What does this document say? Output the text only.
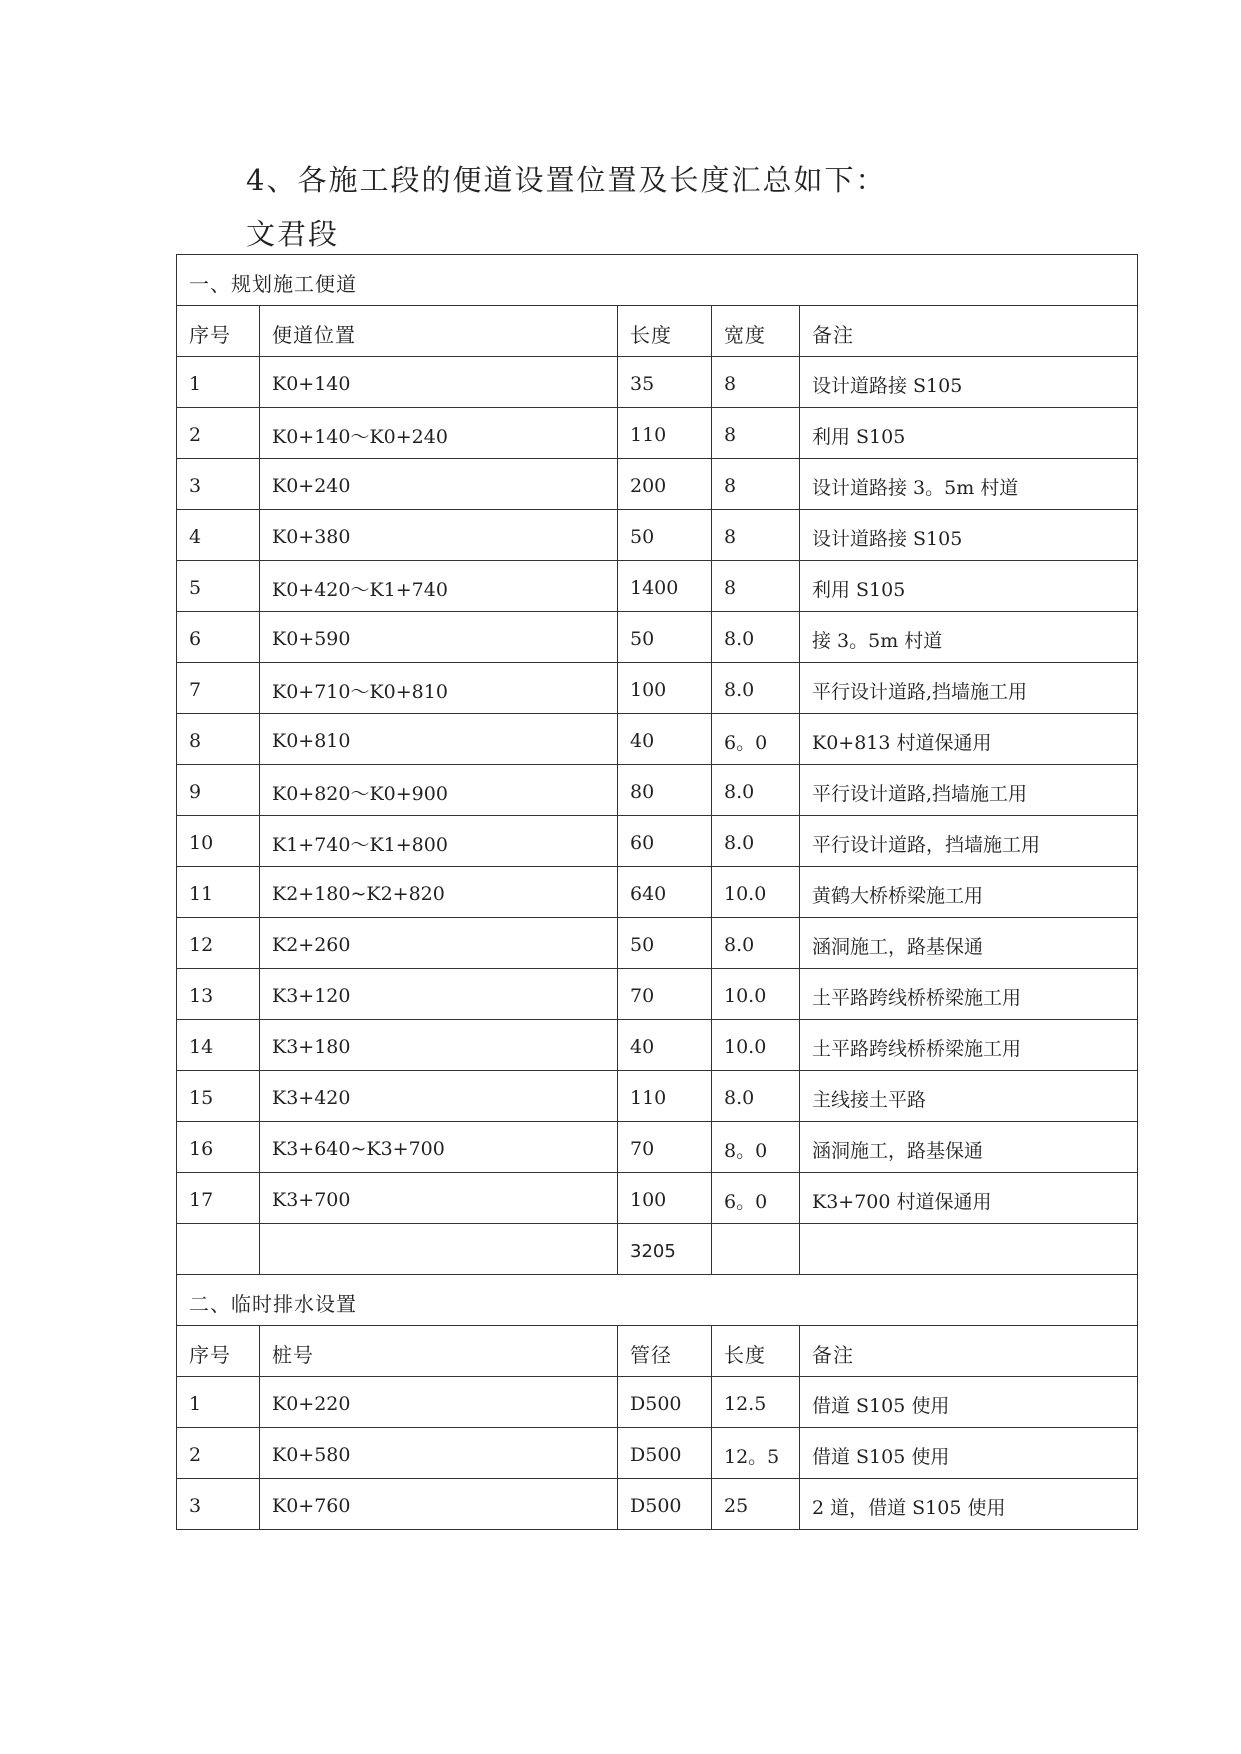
4、各施工段的便道设置位置及长度汇总如下：
文君段
一、规划施工便道				
序号	便道位置	长度	宽度	备注
1	K0+140	35	8	设计道路接 S105
2	K0+140～K0+240	110	8	利用 S105
3	K0+240	200	8	设计道路接 3。5m 村道
4	K0+380	50	8	设计道路接 S105
5	K0+420～K1+740	1400	8	利用 S105
6	K0+590	50	8.0	接 3。5m 村道
7	K0+710～K0+810	100	8.0	平行设计道路,挡墙施工用
8	K0+810	40	6。0	K0+813 村道保通用
9	K0+820～K0+900	80	8.0	平行设计道路,挡墙施工用
10	K1+740～K1+800	60	8.0	平行设计道路，挡墙施工用
11	K2+180~K2+820	640	10.0	黄鹤大桥桥梁施工用
12	K2+260	50	8.0	涵洞施工，路基保通
13	K3+120	70	10.0	土平路跨线桥桥梁施工用
14	K3+180	40	10.0	土平路跨线桥桥梁施工用
15	K3+420	110	8.0	主线接土平路
16	K3+640~K3+700	70	8。0	涵洞施工，路基保通
17	K3+700	100	6。0	K3+700 村道保通用
		3205		
二、临时排水设置				
序号	桩号	管径	长度	备注
1	K0+220	D500	12.5	借道 S105 使用
2	K0+580	D500	12。5	借道 S105 使用
3	K0+760	D500	25	2 道，借道 S105 使用
